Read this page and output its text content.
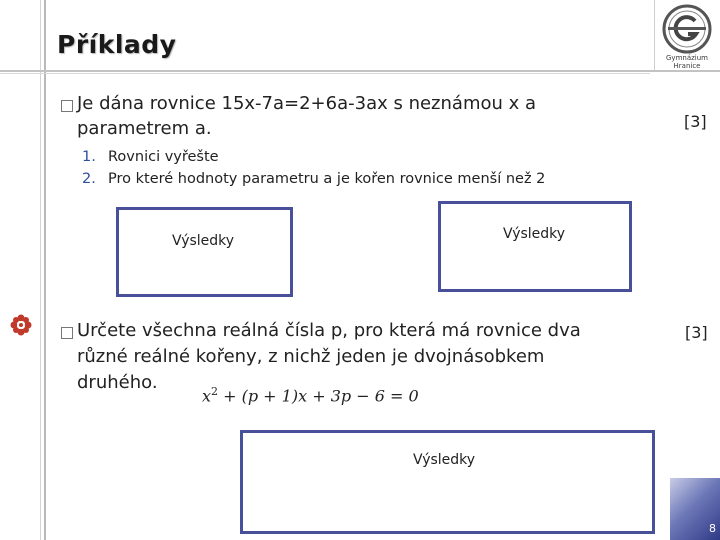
Příklady	Gymnázium
Hranice
Je dána rovnice 15x-7a=2+6a-3ax s neznámou x a
parametrem a.	[3]
1. Rovnici vyřešte
2. Pro které hodnoty parametru a je kořen rovnice menší než 2
Výsledky	Výsledky
Určete všechna reálná čísla p, pro která má rovnice dva
různé reálné kořeny, z nichž jeden je dvojnásobkem
druhého.
[3]
$x^2 + (p + 1)x + 3p - 6 = 0$
Výsledky
8
